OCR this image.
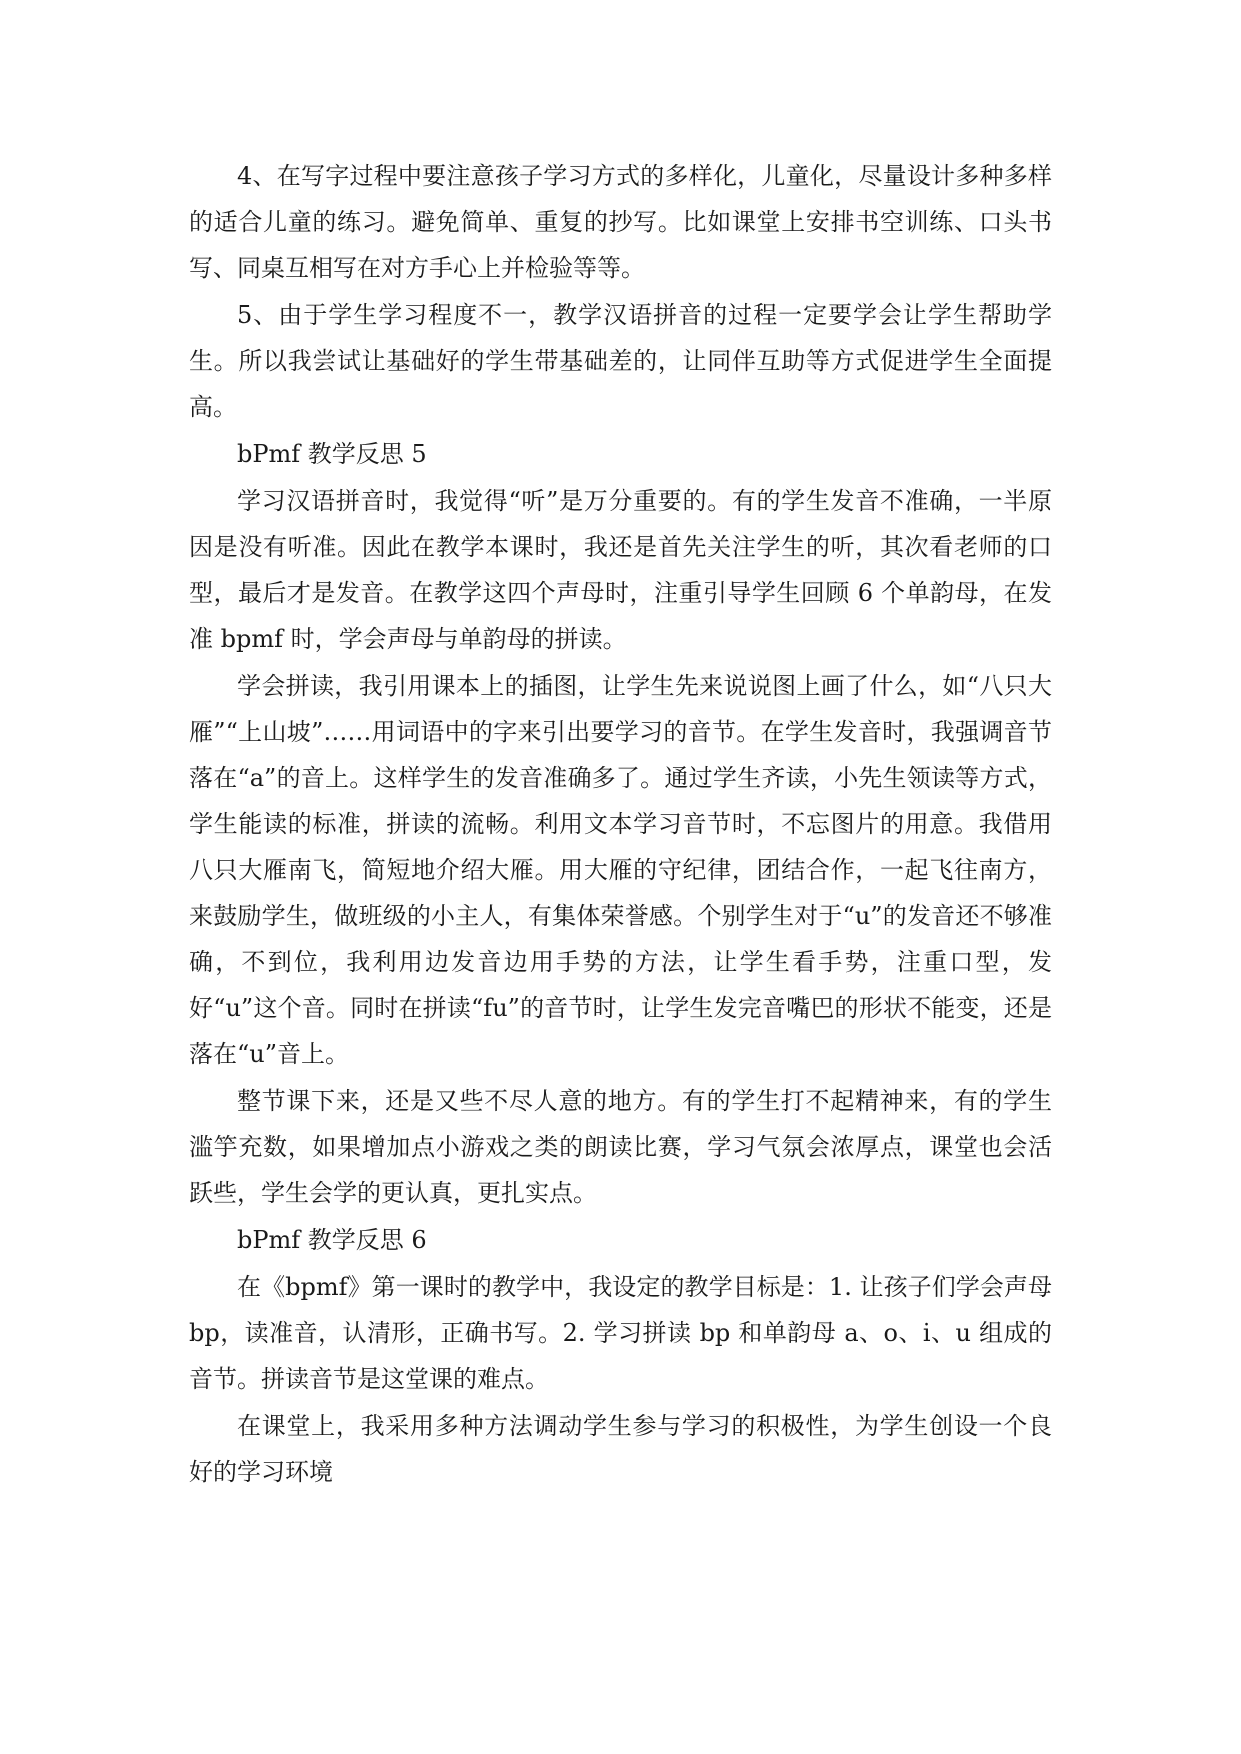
4、在写字过程中要注意孩子学习方式的多样化，儿童化，尽量设计多种多样的适合儿童的练习。避免简单、重复的抄写。比如课堂上安排书空训练、口头书写、同桌互相写在对方手心上并检验等等。

5、由于学生学习程度不一，教学汉语拼音的过程一定要学会让学生帮助学生。所以我尝试让基础好的学生带基础差的，让同伴互助等方式促进学生全面提高。

bPmf 教学反思 5

学习汉语拼音时，我觉得“听”是万分重要的。有的学生发音不准确，一半原因是没有听准。因此在教学本课时，我还是首先关注学生的听，其次看老师的口型，最后才是发音。在教学这四个声母时，注重引导学生回顾 6 个单韵母，在发准 bpmf 时，学会声母与单韵母的拼读。

学会拼读，我引用课本上的插图，让学生先来说说图上画了什么，如“八只大雁”“上山坡”……用词语中的字来引出要学习的音节。在学生发音时，我强调音节落在“a”的音上。这样学生的发音准确多了。通过学生齐读，小先生领读等方式，学生能读的标准，拼读的流畅。利用文本学习音节时，不忘图片的用意。我借用八只大雁南飞，简短地介绍大雁。用大雁的守纪律，团结合作，一起飞往南方，来鼓励学生，做班级的小主人，有集体荣誉感。个别学生对于“u”的发音还不够准确，不到位，我利用边发音边用手势的方法，让学生看手势，注重口型，发好“u”这个音。同时在拼读“fu”的音节时，让学生发完音嘴巴的形状不能变，还是落在“u”音上。

整节课下来，还是又些不尽人意的地方。有的学生打不起精神来，有的学生滥竽充数，如果增加点小游戏之类的朗读比赛，学习气氛会浓厚点，课堂也会活跃些，学生会学的更认真，更扎实点。

bPmf 教学反思 6

在《bpmf》第一课时的教学中，我设定的教学目标是：1. 让孩子们学会声母 bp，读准音，认清形，正确书写。2. 学习拼读 bp 和单韵母 a、o、i、u 组成的音节。拼读音节是这堂课的难点。

在课堂上，我采用多种方法调动学生参与学习的积极性，为学生创设一个良好的学习环境
